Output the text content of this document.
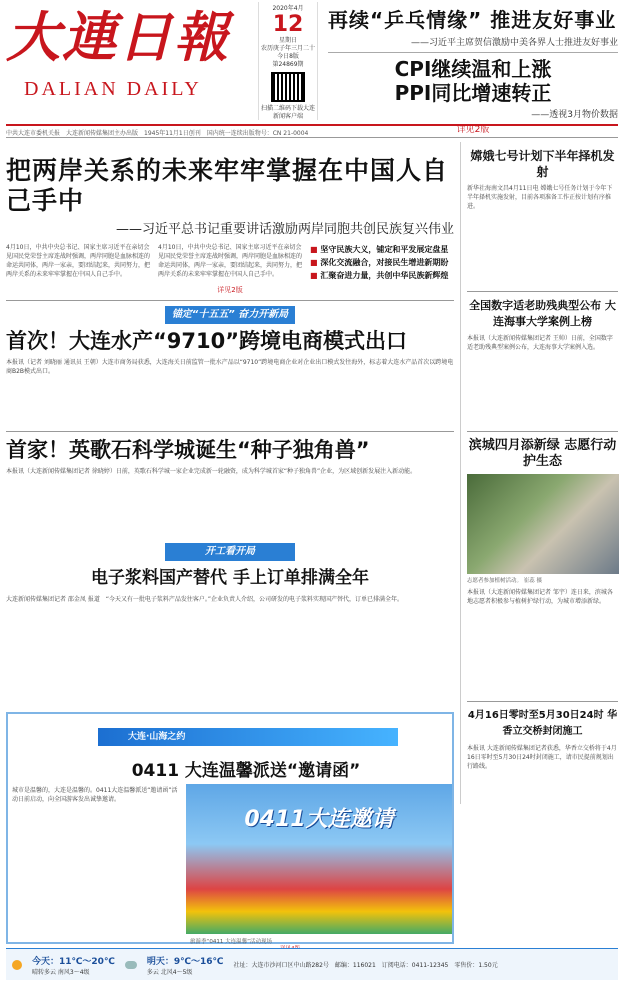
大連日報
DALIAN DAILY
2020年4月
12
星期日
农历庚子年三月二十
今日8版
第24869期
扫描二维码下载大连新闻客户端
再续“乒乓情缘” 推进友好事业
——习近平主席贺信激励中美各界人士推进友好事业
CPI继续温和上涨
PPI同比增速转正
——透视3月物价数据
详见2版
中共大连市委机关报　大连新闻传媒集团主办出版　1945年11月1日创刊　国内统一连续出版物号：CN 21-0004
把两岸关系的未来牢牢掌握在中国人自己手中
——习近平总书记重要讲话激励两岸同胞共创民族复兴伟业
4月10日，中共中央总书记、国家主席习近平在亲切会见国民党荣誉主席连战时强调，两岸同胞是血脉相连的命运共同体，两岸一家亲，要团结起来，共同努力，把两岸关系的未来牢牢掌握在中国人自己手中。
4月10日，中共中央总书记、国家主席习近平在亲切会见国民党荣誉主席连战时强调，两岸同胞是血脉相连的命运共同体，两岸一家亲，要团结起来，共同努力，把两岸关系的未来牢牢掌握在中国人自己手中。
■ 坚守民族大义，铺定和平发展定盘星
■ 深化交流融合，对接民生增进新期盼
■ 汇聚奋进力量，共创中华民族新辉煌
详见2版
锚定“十五五” 奋力开新局
首次！大连水产“9710”跨境电商模式出口
本报讯（记者 刘晓丽 通讯员 王朝）大连市商务局获悉，大连海关日前监管一批水产品以“9710”跨境电商企业对企业出口模式发往海外，标志着大连水产品首次以跨境电商B2B模式出口。
首家！英歌石科学城诞生“种子独角兽”
本报讯（大连新闻传媒集团记者 徐晓婷）日前，英歌石科学城一家企业完成新一轮融资，成为科学城首家“种子独角兽”企业，为区域创新发展注入新动能。
开工看开局
电子浆料国产替代 手上订单排满全年
大连新闻传媒集团记者 邵金凤 报道　“今天又有一批电子浆料产品发往客户。”企业负责人介绍，公司研发的电子浆料实现国产替代，订单已排满全年。
大连·山海之约
0411 大连温馨派送“邀请函”
城市是温馨的，大连是温馨的。0411大连温馨派送“邀请函”活动日前启动，向全国游客发出诚挚邀请。
0411大连邀请
旅游季“0411 大连温馨”活动现场
嫦娥七号计划下半年择机发射
新华社海南文昌4月11日电 嫦娥七号任务计划于今年下半年择机实施发射，目前各项准备工作正按计划有序推进。
全国数字适老助残典型公布 大连海事大学案例上榜
本报讯（大连新闻传媒集团记者 王帅）日前，全国数字适老助残典型案例公布，大连海事大学案例入选。
滨城四月添新绿 志愿行动护生态
志愿者参加植树活动。 崔蕊 摄
本报讯（大连新闻传媒集团记者 邹宇）连日来，滨城各地志愿者积极参与植树护绿行动，为城市增添新绿。
4月16日零时至5月30日24时 华香立交桥封闭施工
本报讯 大连新闻传媒集团记者获悉，华香立交桥将于4月16日零时至5月30日24时封闭施工，请市民提前规划出行路线。
今天：11℃～20℃
晴转多云 南风3～4级
明天：9℃～16℃
多云 北风4～5级
社址：大连市沙河口区中山路282号　邮编：116021　订阅电话：0411-12345　零售价：1.50元
